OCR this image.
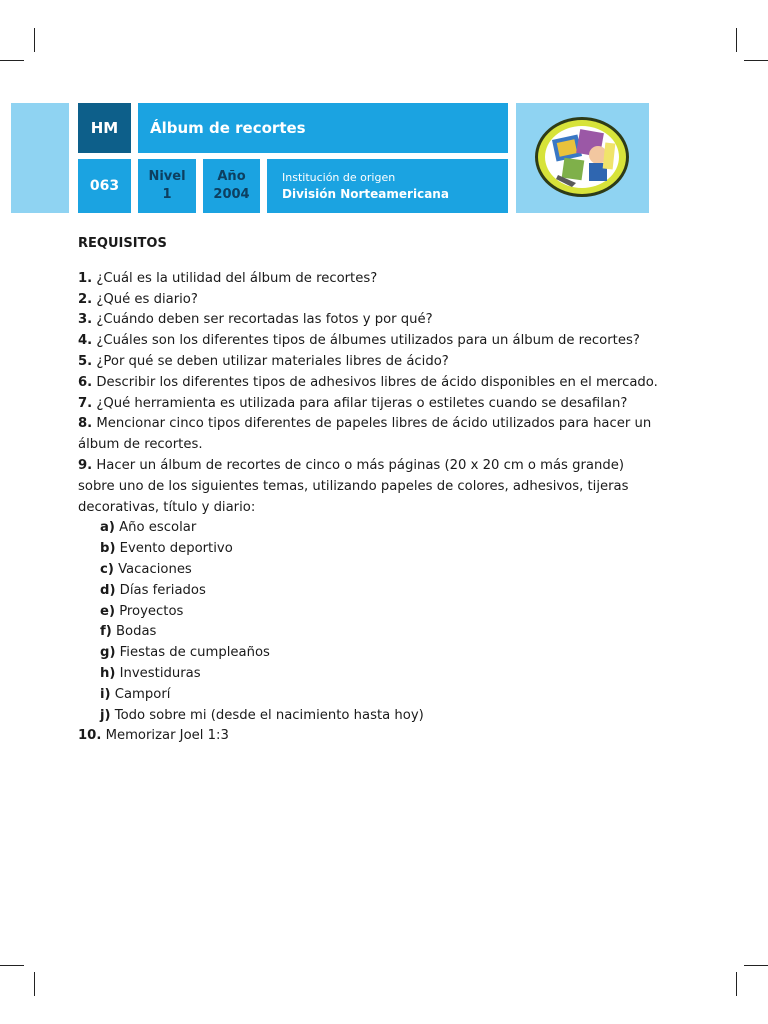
HM	Álbum de recortes
063
Nivel
1
Año
2004
Institución de origen
División Norteamericana
REQUISITOS
1. ¿Cuál es la utilidad del álbum de recortes?
2. ¿Qué es diario?
3. ¿Cuándo deben ser recortadas las fotos y por qué?
4. ¿Cuáles son los diferentes tipos de álbumes utilizados para un álbum de recortes?
5. ¿Por qué se deben utilizar materiales libres de ácido?
6. Describir los diferentes tipos de adhesivos libres de ácido disponibles en el mercado.
7. ¿Qué herramienta es utilizada para afilar tijeras o estiletes cuando se desafilan?
8. Mencionar cinco tipos diferentes de papeles libres de ácido utilizados para hacer un álbum de recortes.
9. Hacer un álbum de recortes de cinco o más páginas (20 x 20 cm o más grande) sobre uno de los siguientes temas, utilizando papeles de colores, adhesivos, tijeras decorativas, título y diario:
a) Año escolar
b) Evento deportivo
c) Vacaciones
d) Días feriados
e) Proyectos
f) Bodas
g) Fiestas de cumpleaños
h) Investiduras
i) Camporí
j) Todo sobre mi (desde el nacimiento hasta hoy)
10. Memorizar Joel 1:3
